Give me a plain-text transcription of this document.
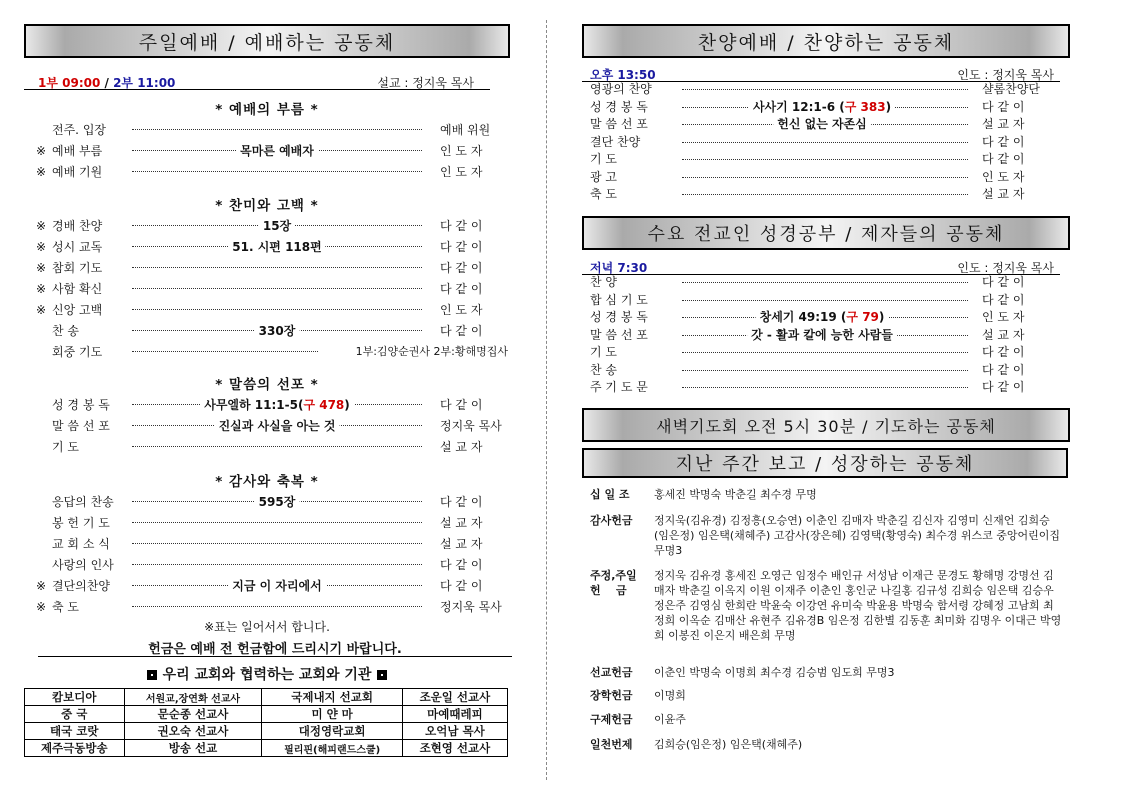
주일예배 / 예배하는 공동체
1부 09:00 / 2부 11:00	설교 : 정지욱 목사
* 예배의 부름 *
전주. 입장	예배 위원
※ 예배 부름	목마른 예배자	인 도 자
※ 예배 기원	인 도 자
* 찬미와 고백 *
※ 경배 찬양	15장	다 같 이
※ 성시 교독	51. 시편 118편	다 같 이
※ 참회 기도	다 같 이
※ 사함 확신	다 같 이
※ 신앙 고백	인 도 자
찬 송	330장	다 같 이
회중 기도	1부:김양순권사 2부:황해명집사
* 말씀의 선포 *
성 경 봉 독	사무엘하 11:1-5(구 478)	다 같 이
말 씀 선 포	진실과 사실을 아는 것	정지욱 목사
기 도	설 교 자
* 감사와 축복 *
응답의 찬송	595장	다 같 이
봉 헌 기 도	설 교 자
교 회 소 식	설 교 자
사랑의 인사	다 같 이
※ 결단의찬양	지금 이 자리에서	다 같 이
※ 축 도	정지욱 목사
※표는 일어서서 합니다.
헌금은 예배 전 헌금함에 드리시기 바랍니다.
우리 교회와 협력하는 교회와 기관
캄보디아	서원교,장연화 선교사	국제내지 선교회	조운일 선교사
중 국	문순종 선교사	미 얀 마	마예때레피
태국 코랏	권오숙 선교사	대정영락교회	오억남 목사
제주극동방송	방송 선교	필리핀(해피랜드스쿨)	조현영 선교사
찬양예배 / 찬양하는 공동체
오후 13:50	인도 : 정지욱 목사
영광의 찬양	샬롬찬양단
성 경 봉 독	사사기 12:1-6 (구 383)	다 같 이
말 씀 선 포	헌신 없는 자존심	설 교 자
결단 찬양	다 같 이
기 도	다 같 이
광 고	인 도 자
축 도	설 교 자
수요 전교인 성경공부 / 제자들의 공동체
저녁 7:30	인도 : 정지욱 목사
찬 양	다 같 이
합 심 기 도	다 같 이
성 경 봉 독	창세기 49:19 (구 79)	인 도 자
말 씀 선 포	갓 - 활과 칼에 능한 사람들	설 교 자
기 도	다 같 이
찬 송	다 같 이
주 기 도 문	다 같 이
새벽기도회 오전 5시 30분 / 기도하는 공동체
지난 주간 보고 / 성장하는 공동체
십 일 조	홍세진 박명숙 박춘길 최수경 무명
감사헌금	정지욱(김유경) 김정흥(오승연) 이춘인 김매자 박춘길 김신자 김영미 신재언 김희승(임은정) 임은택(채혜주) 고감사(장은혜) 김영택(황영숙) 최수경 위스코 중앙어린이집 무명3
주정,주일
헌    금
정지욱 김유경 홍세진 오영근 임정수 배인규 서성남 이재근 문경도 황해명 강명선 김매자 박춘길 이옥지 이원 이재주 이춘인 홍인군 나길홍 김규성 김희승 임은택 김승우 정은주 김영심 한희란 박윤숙 이강연 유미숙 박윤용 박명숙 함서령 강혜정 고남희 최정희 이옥순 김매산 유현주 김유경B 임은정 김한별 김동훈 최미화 김명우 이대근 박영희 이봉진 이은지 배은희 무명
선교헌금	이춘인 박명숙 이명희 최수경 김승범 임도희 무명3
장학헌금	이명희
구제헌금	이윤주
일천번제	김희승(임은정) 임은택(채혜주)
